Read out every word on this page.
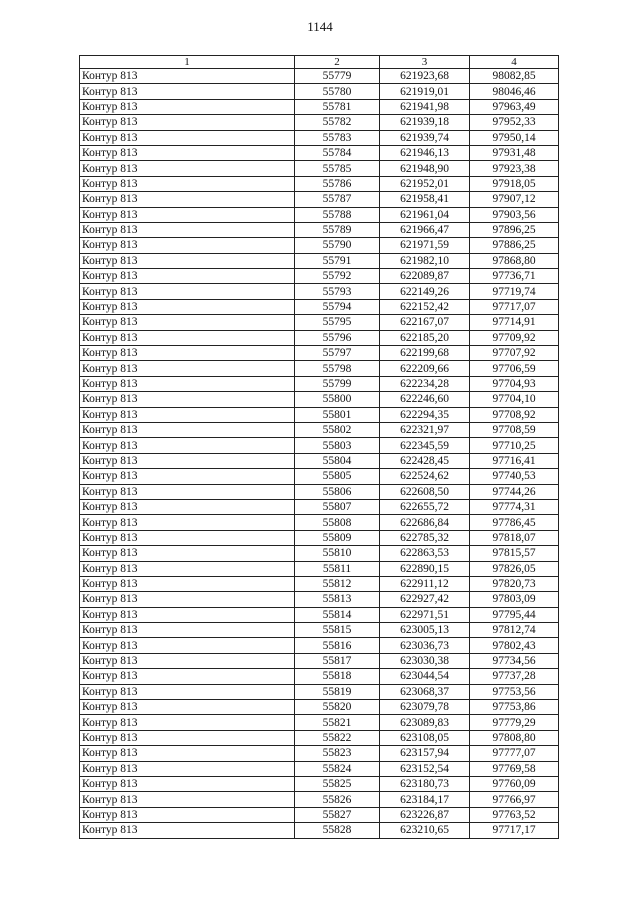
1144
1	2	3	4
Контур 813	55779	621923,68	98082,85
Контур 813	55780	621919,01	98046,46
Контур 813	55781	621941,98	97963,49
Контур 813	55782	621939,18	97952,33
Контур 813	55783	621939,74	97950,14
Контур 813	55784	621946,13	97931,48
Контур 813	55785	621948,90	97923,38
Контур 813	55786	621952,01	97918,05
Контур 813	55787	621958,41	97907,12
Контур 813	55788	621961,04	97903,56
Контур 813	55789	621966,47	97896,25
Контур 813	55790	621971,59	97886,25
Контур 813	55791	621982,10	97868,80
Контур 813	55792	622089,87	97736,71
Контур 813	55793	622149,26	97719,74
Контур 813	55794	622152,42	97717,07
Контур 813	55795	622167,07	97714,91
Контур 813	55796	622185,20	97709,92
Контур 813	55797	622199,68	97707,92
Контур 813	55798	622209,66	97706,59
Контур 813	55799	622234,28	97704,93
Контур 813	55800	622246,60	97704,10
Контур 813	55801	622294,35	97708,92
Контур 813	55802	622321,97	97708,59
Контур 813	55803	622345,59	97710,25
Контур 813	55804	622428,45	97716,41
Контур 813	55805	622524,62	97740,53
Контур 813	55806	622608,50	97744,26
Контур 813	55807	622655,72	97774,31
Контур 813	55808	622686,84	97786,45
Контур 813	55809	622785,32	97818,07
Контур 813	55810	622863,53	97815,57
Контур 813	55811	622890,15	97826,05
Контур 813	55812	622911,12	97820,73
Контур 813	55813	622927,42	97803,09
Контур 813	55814	622971,51	97795,44
Контур 813	55815	623005,13	97812,74
Контур 813	55816	623036,73	97802,43
Контур 813	55817	623030,38	97734,56
Контур 813	55818	623044,54	97737,28
Контур 813	55819	623068,37	97753,56
Контур 813	55820	623079,78	97753,86
Контур 813	55821	623089,83	97779,29
Контур 813	55822	623108,05	97808,80
Контур 813	55823	623157,94	97777,07
Контур 813	55824	623152,54	97769,58
Контур 813	55825	623180,73	97760,09
Контур 813	55826	623184,17	97766,97
Контур 813	55827	623226,87	97763,52
Контур 813	55828	623210,65	97717,17
